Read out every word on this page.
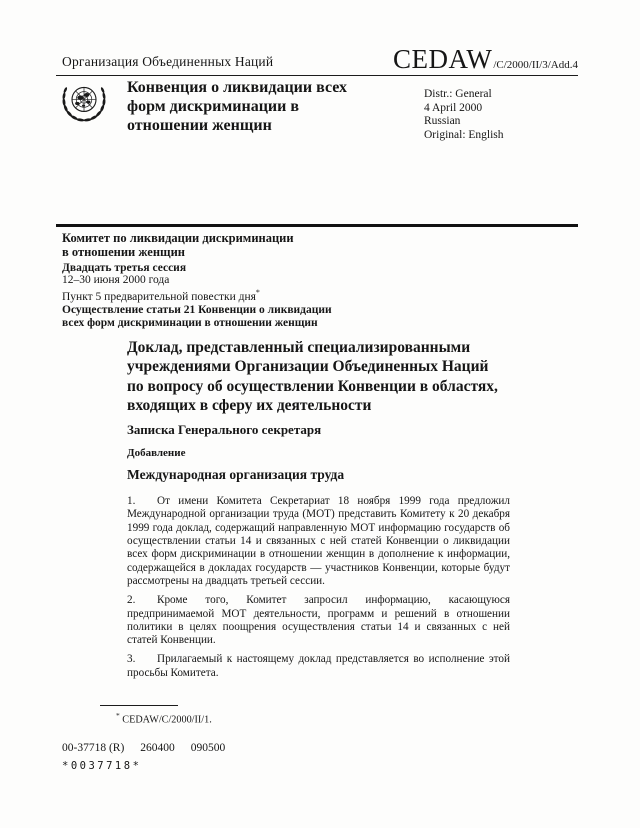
Организация Объединенных Наций	CEDAW /C/2000/II/3/Add.4
Конвенция о ликвидации всех
форм дискриминации в
отношении женщин
Distr.: General
4 April 2000
Russian
Original: English
Комитет по ликвидации дискриминации
в отношении женщин
Двадцать третья сессия
12–30 июня 2000 года
Пункт 5 предварительной повестки дня*
Осуществление статьи 21 Конвенции о ликвидации
всех форм дискриминации в отношении женщин
Доклад, представленный специализированными
учреждениями Организации Объединенных Наций
по вопросу об осуществлении Конвенции в областях,
входящих в сферу их деятельности
Записка Генерального секретаря
Добавление
Международная организация труда

1. От имени Комитета Секретариат 18 ноября 1999 года предложил Международной организации труда (МОТ) представить Комитету к 20 декабря 1999 года доклад, содержащий направленную МОТ информацию государств об осуществлении статьи 14 и связанных с ней статей Конвенции о ликвидации всех форм дискриминации в отношении женщин в дополнение к информации, содержащейся в докладах государств — участников Конвенции, которые будут рассмотрены на двадцать третьей сессии.

2. Кроме того, Комитет запросил информацию, касающуюся предпринимаемой МОТ деятельности, программ и решений в отношении политики в целях поощрения осуществления статьи 14 и связанных с ней статей Конвенции.

3. Прилагаемый к настоящему доклад представляется во исполнение этой просьбы Комитета.

* CEDAW/C/2000/II/1.
00-37718 (R) 260400 090500
*0037718*
